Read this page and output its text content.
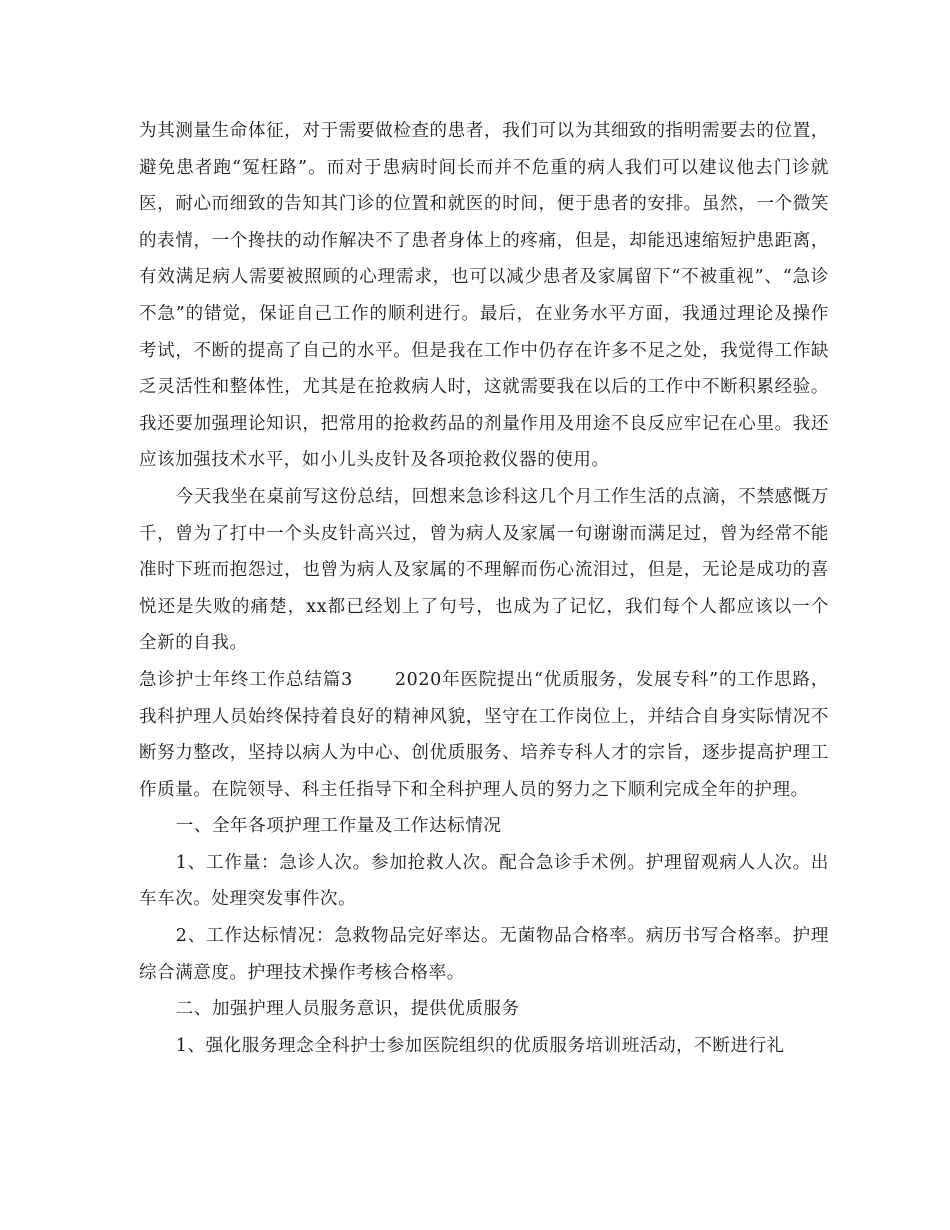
为其测量生命体征，对于需要做检查的患者，我们可以为其细致的指明需要去的位置，避免患者跑“冤枉路”。而对于患病时间长而并不危重的病人我们可以建议他去门诊就医，耐心而细致的告知其门诊的位置和就医的时间，便于患者的安排。虽然，一个微笑的表情，一个搀扶的动作解决不了患者身体上的疼痛，但是，却能迅速缩短护患距离，有效满足病人需要被照顾的心理需求，也可以减少患者及家属留下“不被重视”、“急诊不急”的错觉，保证自己工作的顺利进行。最后，在业务水平方面，我通过理论及操作考试，不断的提高了自己的水平。但是我在工作中仍存在许多不足之处，我觉得工作缺乏灵活性和整体性，尤其是在抢救病人时，这就需要我在以后的工作中不断积累经验。我还要加强理论知识，把常用的抢救药品的剂量作用及用途不良反应牢记在心里。我还应该加强技术水平，如小儿头皮针及各项抢救仪器的使用。

今天我坐在桌前写这份总结，回想来急诊科这几个月工作生活的点滴，不禁感慨万千，曾为了打中一个头皮针高兴过，曾为病人及家属一句谢谢而满足过，曾为经常不能准时下班而抱怨过，也曾为病人及家属的不理解而伤心流泪过，但是，无论是成功的喜悦还是失败的痛楚，xx都已经划上了句号，也成为了记忆，我们每个人都应该以一个全新的自我。

急诊护士年终工作总结篇3 2020年医院提出“优质服务，发展专科”的工作思路，我科护理人员始终保持着良好的精神风貌，坚守在工作岗位上，并结合自身实际情况不断努力整改，坚持以病人为中心、创优质服务、培养专科人才的宗旨，逐步提高护理工作质量。在院领导、科主任指导下和全科护理人员的努力之下顺利完成全年的护理。

一、全年各项护理工作量及工作达标情况

1、工作量：急诊人次。参加抢救人次。配合急诊手术例。护理留观病人人次。出车车次。处理突发事件次。

2、工作达标情况：急救物品完好率达。无菌物品合格率。病历书写合格率。护理综合满意度。护理技术操作考核合格率。

二、加强护理人员服务意识，提供优质服务

1、强化服务理念全科护士参加医院组织的优质服务培训班活动，不断进行礼
